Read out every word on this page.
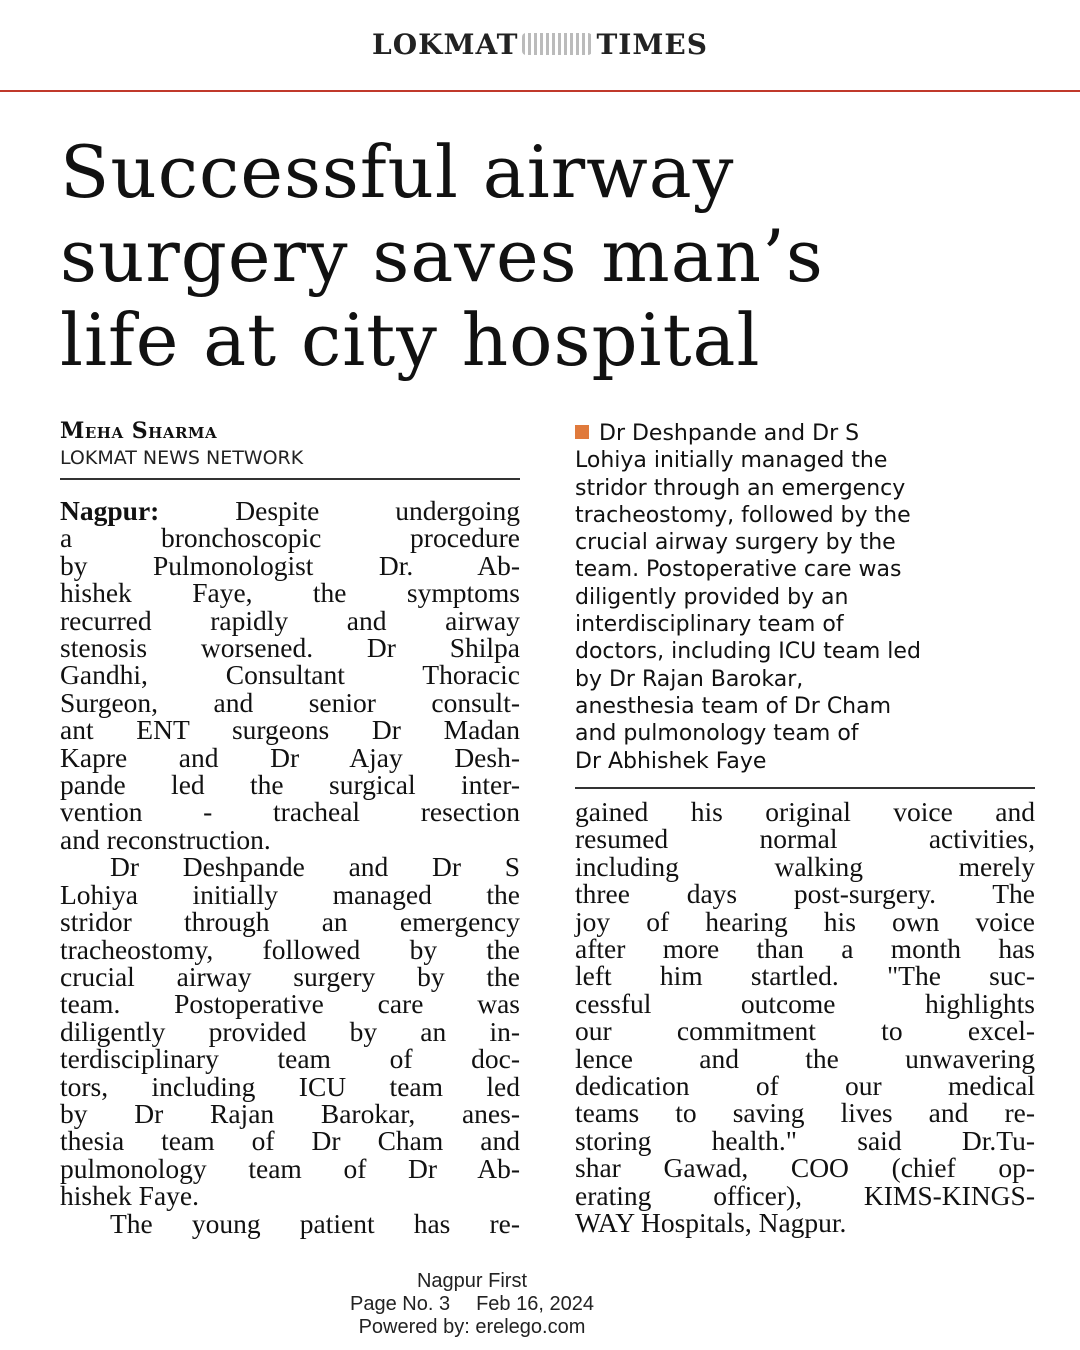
LOKMAT	TIMES
Successful airway
surgery saves man’s
life at city hospital
Meha Sharma
LOKMAT NEWS NETWORK

Nagpur:	Despite undergoing

a bronchoscopic procedure

by Pulmonologist Dr. Ab-

hishek Faye, the symptoms

recurred rapidly and airway

stenosis worsened. Dr Shilpa

Gandhi, Consultant Thoracic

Surgeon, and senior consult-

ant ENT surgeons Dr Madan

Kapre and Dr Ajay Desh-

pande led the surgical inter-

vention - tracheal resection

and reconstruction.

Dr Deshpande and Dr S

Lohiya initially managed the

stridor through an emergency

tracheostomy, followed by the

crucial airway surgery by the

team. Postoperative care was

diligently provided by an in-

terdisciplinary team of doc-

tors, including ICU team led

by Dr Rajan Barokar, anes-

thesia team of Dr Cham and

pulmonology team of Dr Ab-

hishek Faye.

The young patient has re-

Dr Deshpande and Dr S
Lohiya initially managed the
stridor through an emergency
tracheostomy, followed by the
crucial airway surgery by the
team. Postoperative care was
diligently provided by an
interdisciplinary team of
doctors, including ICU team led
by Dr Rajan Barokar,
anesthesia team of Dr Cham
and pulmonology team of
Dr Abhishek Faye

gained his original voice and

resumed normal activities,

including walking merely

three days post-surgery. The

joy of hearing his own voice

after more than a month has

left him startled. "The suc-

cessful outcome highlights

our commitment to excel-

lence and the unwavering

dedication of our medical

teams to saving lives and re-

storing health." said Dr.Tu-

shar Gawad, COO (chief op-

erating officer), KIMS-KINGS-

WAY Hospitals, Nagpur.

Nagpur First
Page No. 3 Feb 16, 2024
Powered by: erelego.com
